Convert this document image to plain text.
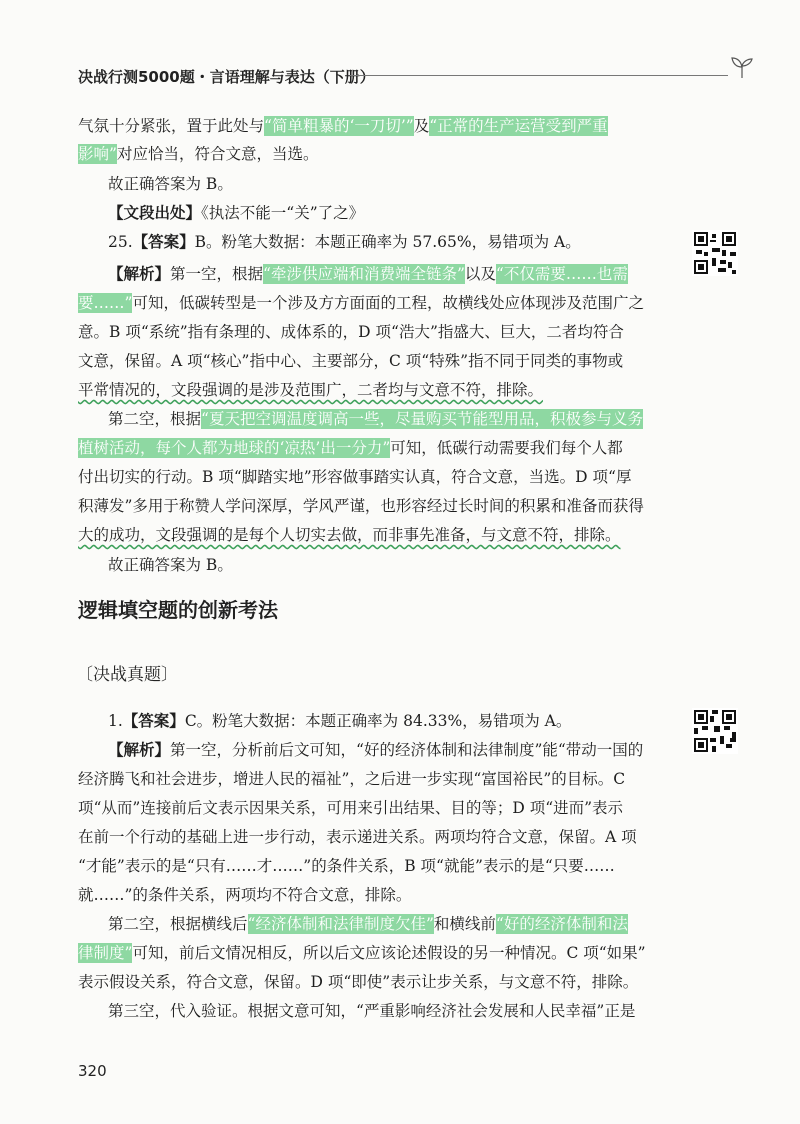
决战行测5000题・言语理解与表达（下册）
气氛十分紧张，置于此处与“简单粗暴的‘一刀切’”及“正常的生产运营受到严重
影响”对应恰当，符合文意，当选。
故正确答案为 B。
【文段出处】《执法不能一“关”了之》
25.【答案】B。粉笔大数据：本题正确率为 57.65%，易错项为 A。
【解析】第一空，根据“牵涉供应端和消费端全链条”以及“不仅需要……也需
要……”可知，低碳转型是一个涉及方方面面的工程，故横线处应体现涉及范围广之
意。B 项“系统”指有条理的、成体系的，D 项“浩大”指盛大、巨大，二者均符合
文意，保留。A 项“核心”指中心、主要部分，C 项“特殊”指不同于同类的事物或
平常情况的，文段强调的是涉及范围广，二者均与文意不符，排除。
第二空，根据“夏天把空调温度调高一些，尽量购买节能型用品，积极参与义务
植树活动，每个人都为地球的‘凉热’出一分力”可知，低碳行动需要我们每个人都
付出切实的行动。B 项“脚踏实地”形容做事踏实认真，符合文意，当选。D 项“厚
积薄发”多用于称赞人学问深厚，学风严谨，也形容经过长时间的积累和准备而获得
大的成功，文段强调的是每个人切实去做，而非事先准备，与文意不符，排除。
故正确答案为 B。
逻辑填空题的创新考法
〔决战真题〕
1.【答案】C。粉笔大数据：本题正确率为 84.33%，易错项为 A。
【解析】第一空，分析前后文可知，“好的经济体制和法律制度”能“带动一国的
经济腾飞和社会进步，增进人民的福祉”，之后进一步实现“富国裕民”的目标。C
项“从而”连接前后文表示因果关系，可用来引出结果、目的等；D 项“进而”表示
在前一个行动的基础上进一步行动，表示递进关系。两项均符合文意，保留。A 项
“才能”表示的是“只有……才……”的条件关系，B 项“就能”表示的是“只要……
就……”的条件关系，两项均不符合文意，排除。
第二空，根据横线后“经济体制和法律制度欠佳”和横线前“好的经济体制和法
律制度”可知，前后文情况相反，所以后文应该论述假设的另一种情况。C 项“如果”
表示假设关系，符合文意，保留。D 项“即使”表示让步关系，与文意不符，排除。
第三空，代入验证。根据文意可知，“严重影响经济社会发展和人民幸福”正是
320
